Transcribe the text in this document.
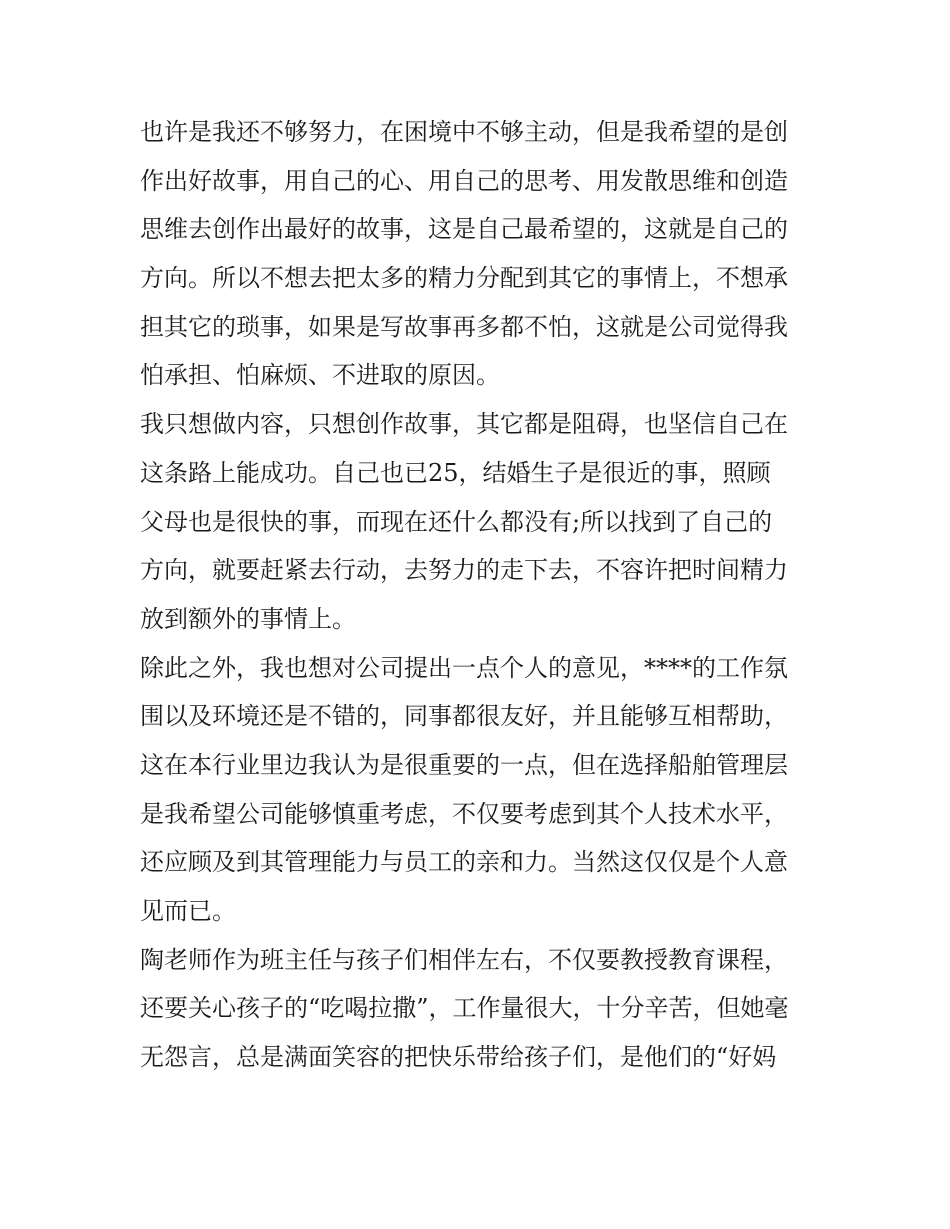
也许是我还不够努力，在困境中不够主动，但是我希望的是创
作出好故事，用自己的心、用自己的思考、用发散思维和创造
思维去创作出最好的故事，这是自己最希望的，这就是自己的
方向。所以不想去把太多的精力分配到其它的事情上，不想承
担其它的琐事，如果是写故事再多都不怕，这就是公司觉得我
怕承担、怕麻烦、不进取的原因。
我只想做内容，只想创作故事，其它都是阻碍，也坚信自己在
这条路上能成功。自己也已25，结婚生子是很近的事，照顾
父母也是很快的事，而现在还什么都没有;所以找到了自己的
方向，就要赶紧去行动，去努力的走下去，不容许把时间精力
放到额外的事情上。
除此之外，我也想对公司提出一点个人的意见，****的工作氛
围以及环境还是不错的，同事都很友好，并且能够互相帮助，
这在本行业里边我认为是很重要的一点，但在选择船舶管理层
是我希望公司能够慎重考虑，不仅要考虑到其个人技术水平，
还应顾及到其管理能力与员工的亲和力。当然这仅仅是个人意
见而已。
陶老师作为班主任与孩子们相伴左右，不仅要教授教育课程，
还要关心孩子的“吃喝拉撒”，工作量很大，十分辛苦，但她毫
无怨言，总是满面笑容的把快乐带给孩子们，是他们的“好妈
